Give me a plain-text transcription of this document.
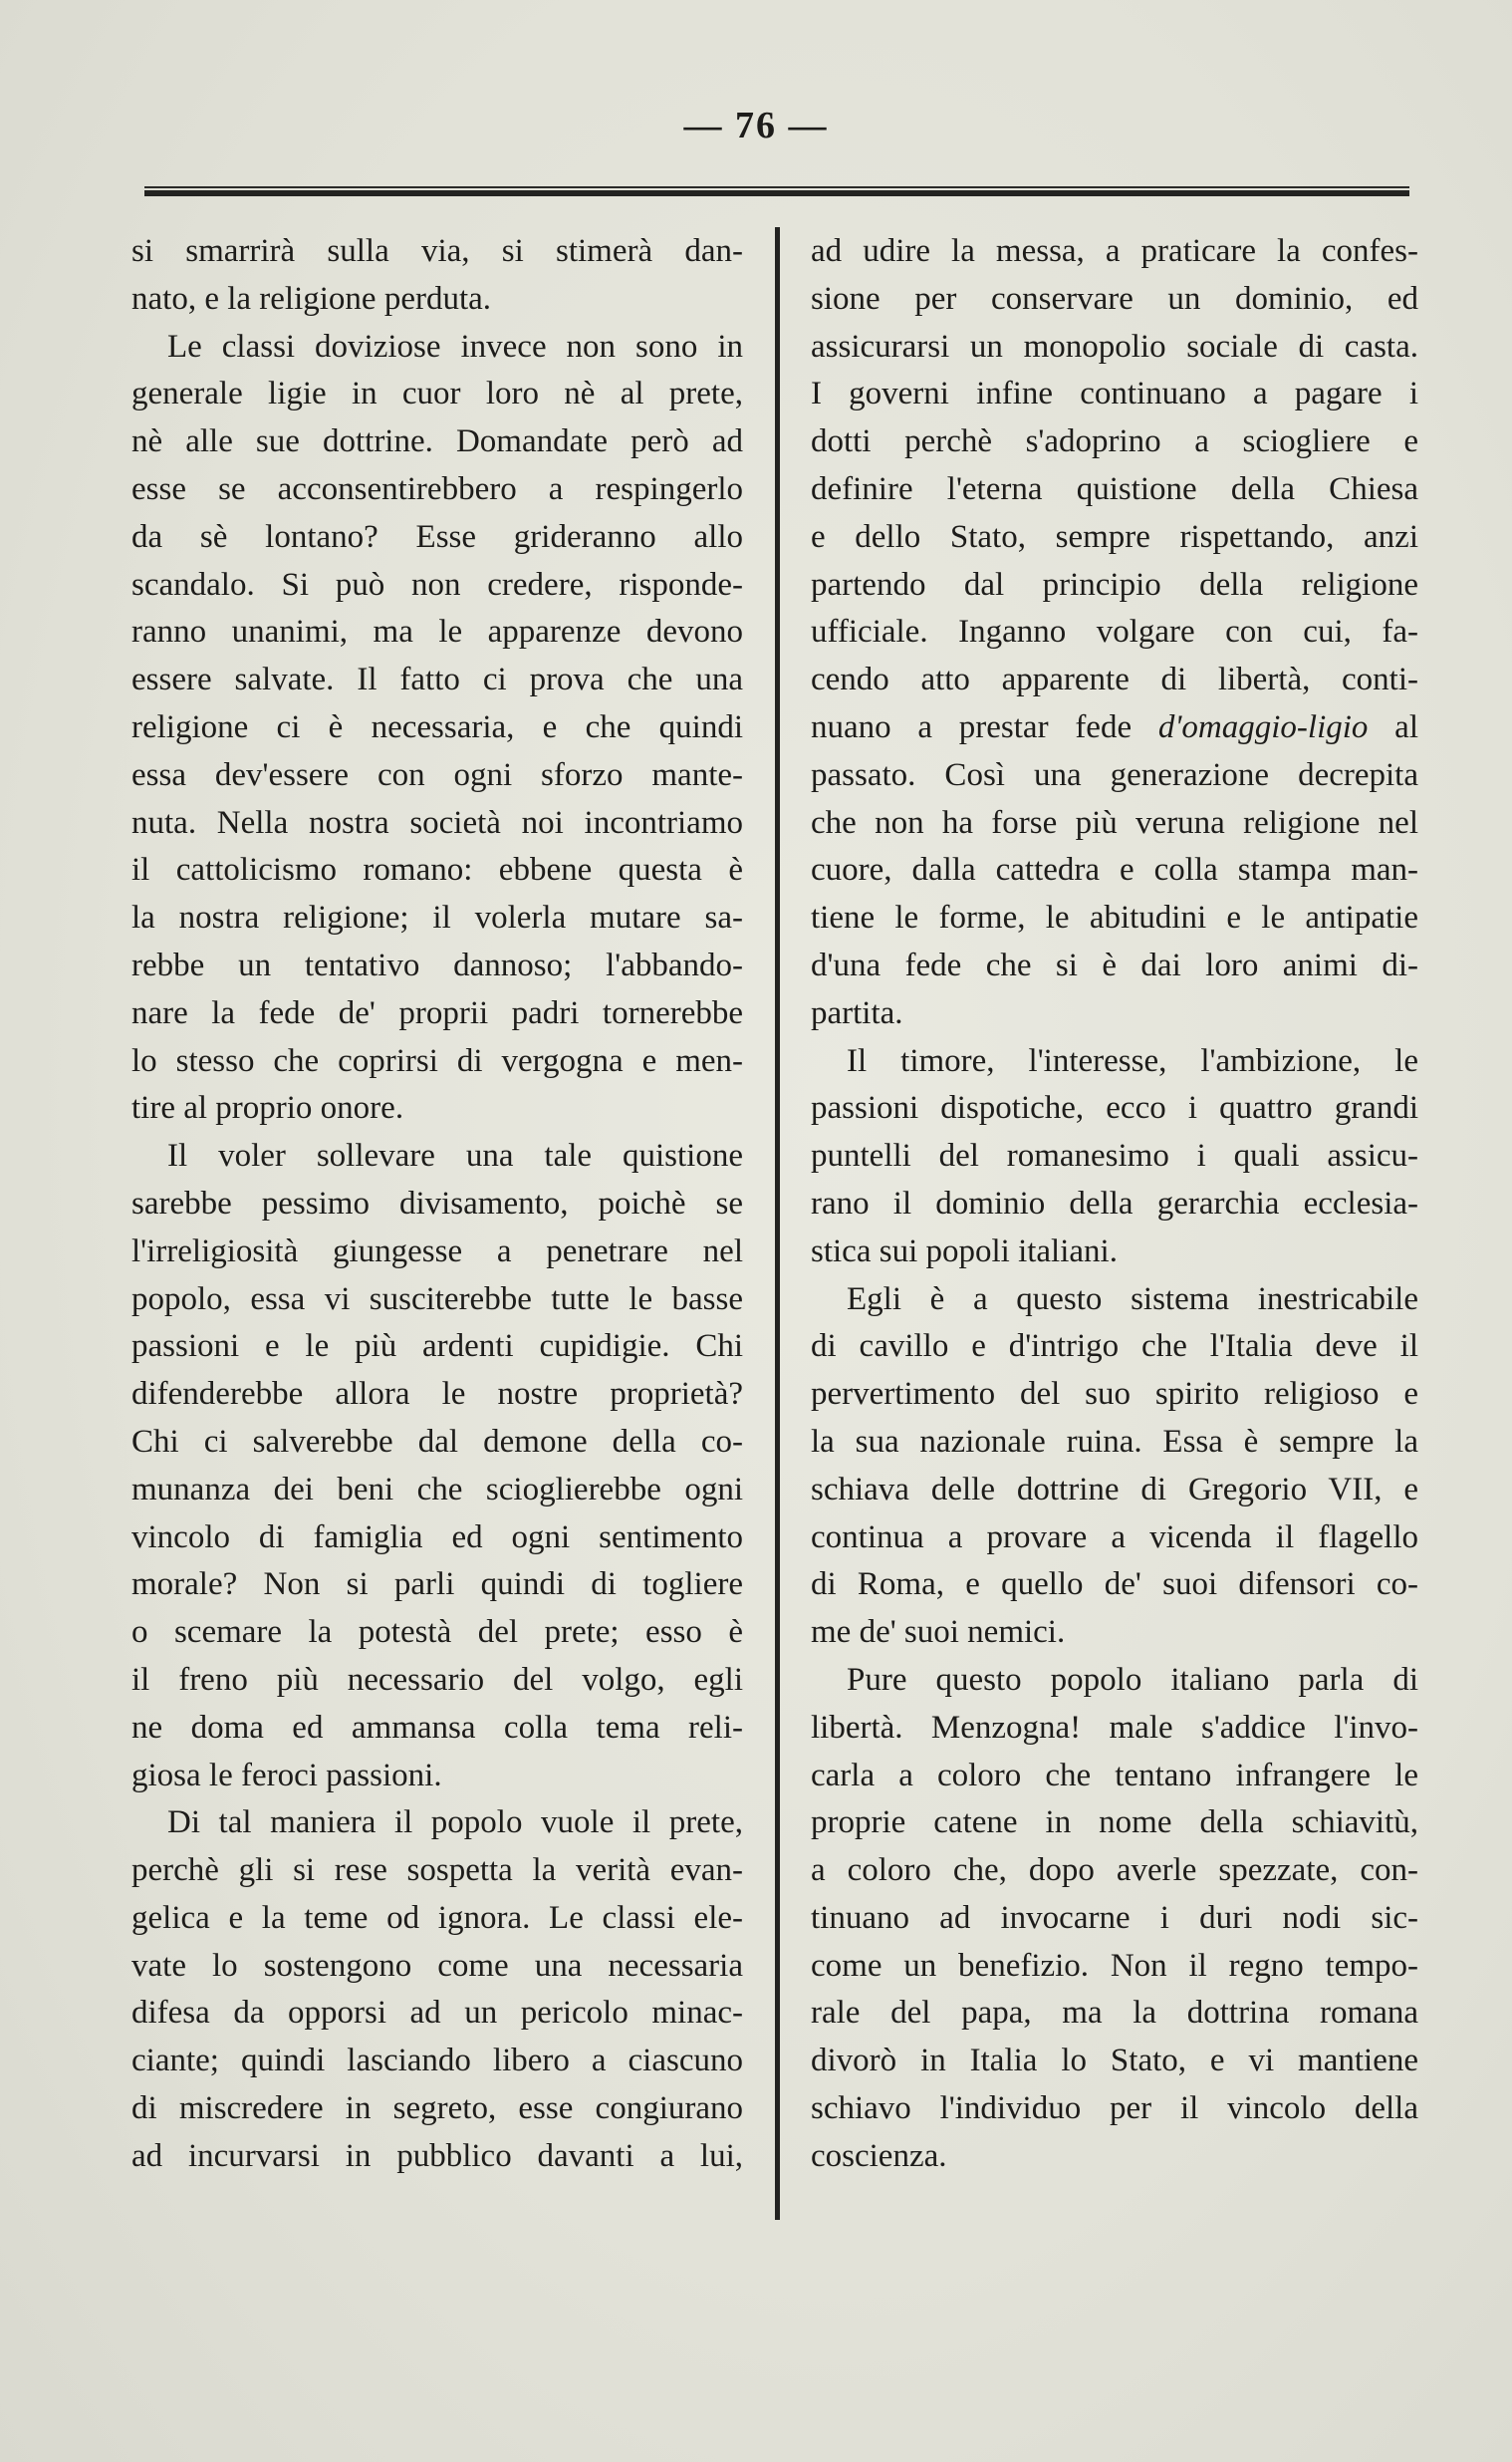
— 76 —
si smarrirà sulla via, si stimerà dan-
nato, e la religione perduta.
Le classi doviziose invece non sono in
generale ligie in cuor loro nè al prete,
nè alle sue dottrine. Domandate però ad
esse se acconsentirebbero a respingerlo
da sè lontano? Esse grideranno allo
scandalo. Si può non credere, risponde-
ranno unanimi, ma le apparenze devono
essere salvate. Il fatto ci prova che una
religione ci è necessaria, e che quindi
essa dev'essere con ogni sforzo mante-
nuta. Nella nostra società noi incontriamo
il cattolicismo romano: ebbene questa è
la nostra religione; il volerla mutare sa-
rebbe un tentativo dannoso; l'abbando-
nare la fede de' proprii padri tornerebbe
lo stesso che coprirsi di vergogna e men-
tire al proprio onore.
Il voler sollevare una tale quistione
sarebbe pessimo divisamento, poichè se
l'irreligiosità giungesse a penetrare nel
popolo, essa vi susciterebbe tutte le basse
passioni e le più ardenti cupidigie. Chi
difenderebbe allora le nostre proprietà?
Chi ci salverebbe dal demone della co-
munanza dei beni che scioglierebbe ogni
vincolo di famiglia ed ogni sentimento
morale? Non si parli quindi di togliere
o scemare la potestà del prete; esso è
il freno più necessario del volgo, egli
ne doma ed ammansa colla tema reli-
giosa le feroci passioni.
Di tal maniera il popolo vuole il prete,
perchè gli si rese sospetta la verità evan-
gelica e la teme od ignora. Le classi ele-
vate lo sostengono come una necessaria
difesa da opporsi ad un pericolo minac-
ciante; quindi lasciando libero a ciascuno
di miscredere in segreto, esse congiurano
ad incurvarsi in pubblico davanti a lui,
ad udire la messa, a praticare la confes-
sione per conservare un dominio, ed
assicurarsi un monopolio sociale di casta.
I governi infine continuano a pagare i
dotti perchè s'adoprino a sciogliere e
definire l'eterna quistione della Chiesa
e dello Stato, sempre rispettando, anzi
partendo dal principio della religione
ufficiale. Inganno volgare con cui, fa-
cendo atto apparente di libertà, conti-
nuano a prestar fede d'omaggio-ligio al
passato. Così una generazione decrepita
che non ha forse più veruna religione nel
cuore, dalla cattedra e colla stampa man-
tiene le forme, le abitudini e le antipatie
d'una fede che si è dai loro animi di-
partita.
Il timore, l'interesse, l'ambizione, le
passioni dispotiche, ecco i quattro grandi
puntelli del romanesimo i quali assicu-
rano il dominio della gerarchia ecclesia-
stica sui popoli italiani.
Egli è a questo sistema inestricabile
di cavillo e d'intrigo che l'Italia deve il
pervertimento del suo spirito religioso e
la sua nazionale ruina. Essa è sempre la
schiava delle dottrine di Gregorio VII, e
continua a provare a vicenda il flagello
di Roma, e quello de' suoi difensori co-
me de' suoi nemici.
Pure questo popolo italiano parla di
libertà. Menzogna! male s'addice l'invo-
carla a coloro che tentano infrangere le
proprie catene in nome della schiavitù,
a coloro che, dopo averle spezzate, con-
tinuano ad invocarne i duri nodi sic-
come un benefizio. Non il regno tempo-
rale del papa, ma la dottrina romana
divorò in Italia lo Stato, e vi mantiene
schiavo l'individuo per il vincolo della
coscienza.
